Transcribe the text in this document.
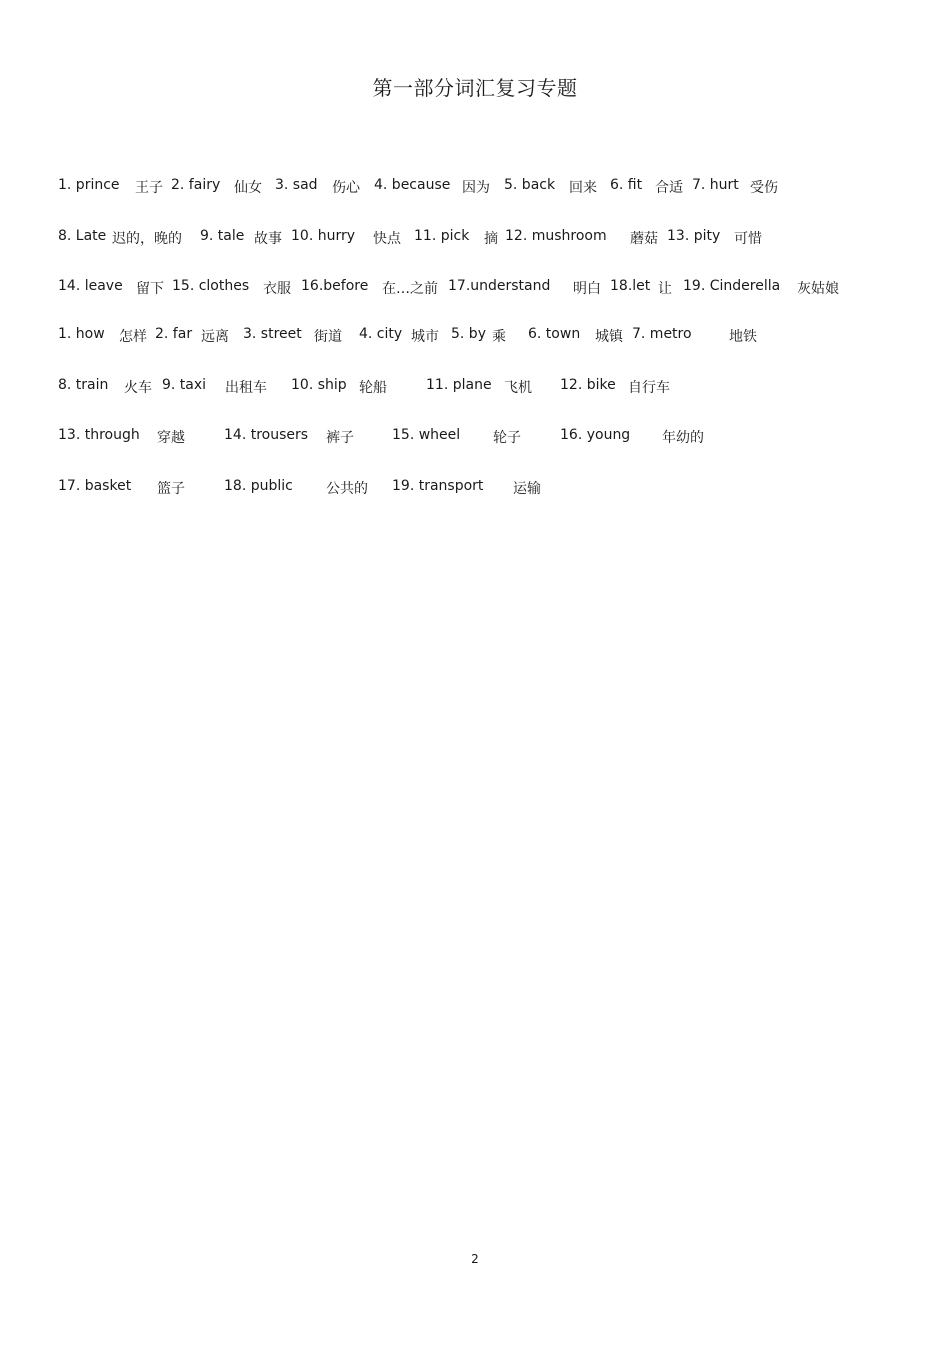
第一部分词汇复习专题
1. prince 王子 2. fairy 仙女 3. sad 伤心 4. because 因为 5. back 回来 6. fit 合适 7. hurt 受伤
8. Late 迟的，晚的 9. tale 故事 10. hurry 快点 11. pick 摘 12. mushroom 蘑菇 13. pity 可惜
14. leave 留下 15. clothes 衣服 16.before 在…之前 17.understand 明白 18.let 让 19. Cinderella 灰姑娘
1. how 怎样 2. far 远离 3. street 街道 4. city 城市 5. by 乘 6. town 城镇 7. metro	地铁
8. train 火车 9. taxi 出租车 10. ship 轮船	11. plane 飞机 12. bike 自行车
13. through 穿越	14. trousers 裤子	15. wheel 轮子	16. young 年幼的
17. basket 篮子	18. public 公共的 19. transport 运输
2
